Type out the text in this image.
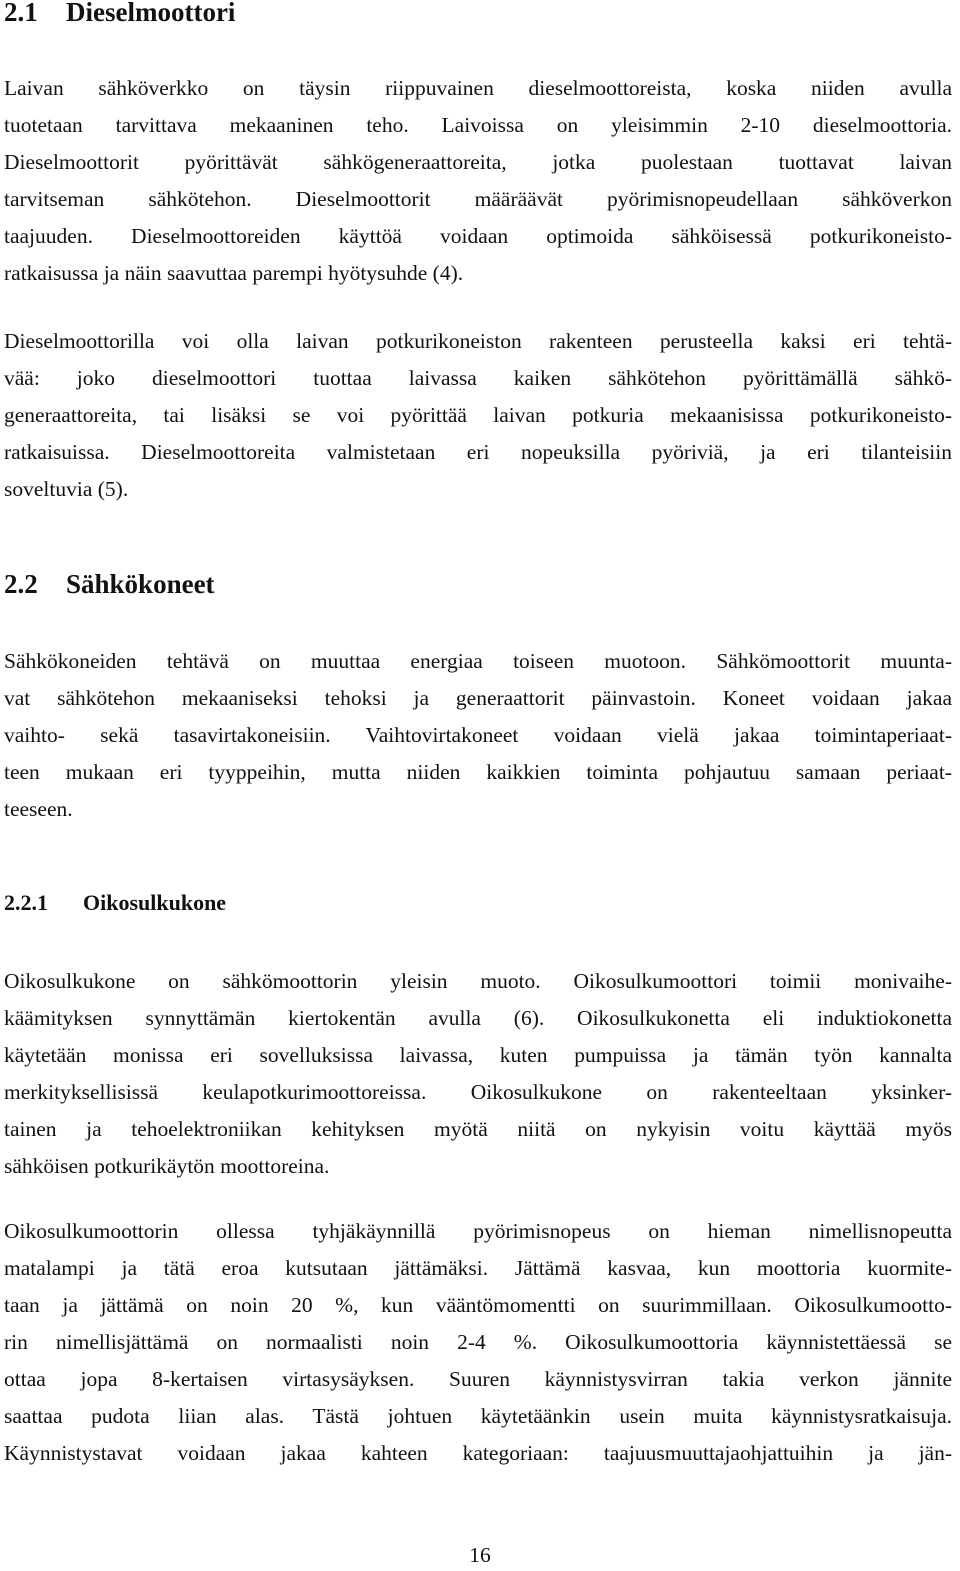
2.1 Dieselmoottori

Laivan sähköverkko on täysin riippuvainen dieselmoottoreista, koska niiden avulla
tuotetaan tarvittava mekaaninen teho. Laivoissa on yleisimmin 2-10 dieselmoottoria.
Dieselmoottorit pyörittävät sähkögeneraattoreita, jotka puolestaan tuottavat laivan
tarvitseman sähkötehon. Dieselmoottorit määräävät pyörimisnopeudellaan sähköverkon
taajuuden. Dieselmoottoreiden käyttöä voidaan optimoida sähköisessä potkurikoneisto-
ratkaisussa ja näin saavuttaa parempi hyötysuhde (4).

Dieselmoottorilla voi olla laivan potkurikoneiston rakenteen perusteella kaksi eri tehtä-
vää: joko dieselmoottori tuottaa laivassa kaiken sähkötehon pyörittämällä sähkö-
generaattoreita, tai lisäksi se voi pyörittää laivan potkuria mekaanisissa potkurikoneisto-
ratkaisuissa. Dieselmoottoreita valmistetaan eri nopeuksilla pyöriviä, ja eri tilanteisiin
soveltuvia (5).

2.2 Sähkökoneet

Sähkökoneiden tehtävä on muuttaa energiaa toiseen muotoon. Sähkömoottorit muunta-
vat sähkötehon mekaaniseksi tehoksi ja generaattorit päinvastoin. Koneet voidaan jakaa
vaihto- sekä tasavirtakoneisiin. Vaihtovirtakoneet voidaan vielä jakaa toimintaperiaat-
teen mukaan eri tyyppeihin, mutta niiden kaikkien toiminta pohjautuu samaan periaat-
teeseen.

2.2.1 Oikosulkukone

Oikosulkukone on sähkömoottorin yleisin muoto. Oikosulkumoottori toimii monivaihe-
käämityksen synnyttämän kiertokentän avulla (6). Oikosulkukonetta eli induktiokonetta
käytetään monissa eri sovelluksissa laivassa, kuten pumpuissa ja tämän työn kannalta
merkityksellisissä keulapotkurimoottoreissa. Oikosulkukone on rakenteeltaan yksinker-
tainen ja tehoelektroniikan kehityksen myötä niitä on nykyisin voitu käyttää myös
sähköisen potkurikäytön moottoreina.

Oikosulkumoottorin ollessa tyhjäkäynnillä pyörimisnopeus on hieman nimellisnopeutta
matalampi ja tätä eroa kutsutaan jättämäksi. Jättämä kasvaa, kun moottoria kuormite-
taan ja jättämä on noin 20 %, kun vääntömomentti on suurimmillaan. Oikosulkumootto-
rin nimellisjättämä on normaalisti noin 2-4 %. Oikosulkumoottoria käynnistettäessä se
ottaa jopa 8-kertaisen virtasysäyksen. Suuren käynnistysvirran takia verkon jännite
saattaa pudota liian alas. Tästä johtuen käytetäänkin usein muita käynnistysratkaisuja.
Käynnistystavat voidaan jakaa kahteen kategoriaan: taajuusmuuttajaohjattuihin ja jän-

16
